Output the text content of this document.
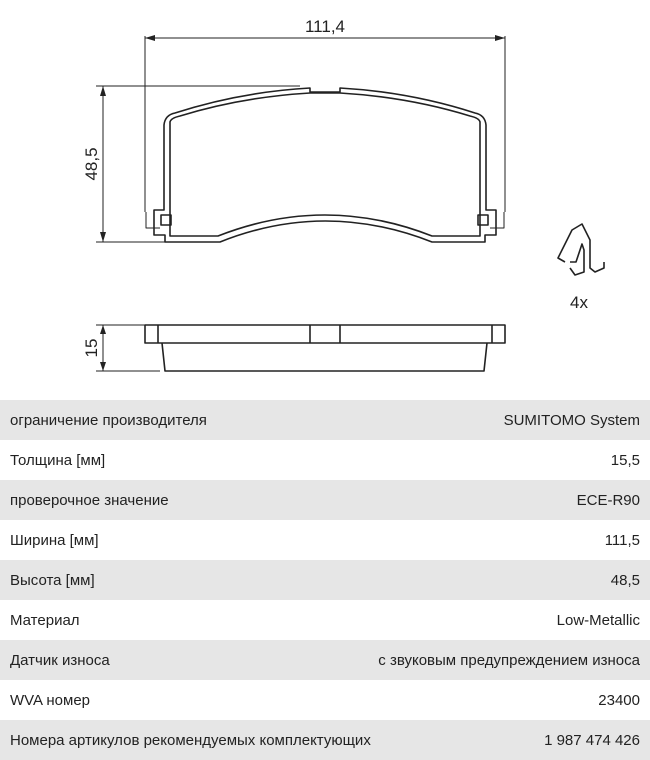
111,4
48,5
15
4x
ограничение производителя	SUMITOMO System
Толщина [мм]	15,5
проверочное значение	ECE-R90
Ширина [мм]	111,5
Высота [мм]	48,5
Материал	Low-Metallic
Датчик износа	с звуковым предупреждением износа
WVA номер	23400
Номера артикулов рекомендуемых комплектующих	1 987 474 426
